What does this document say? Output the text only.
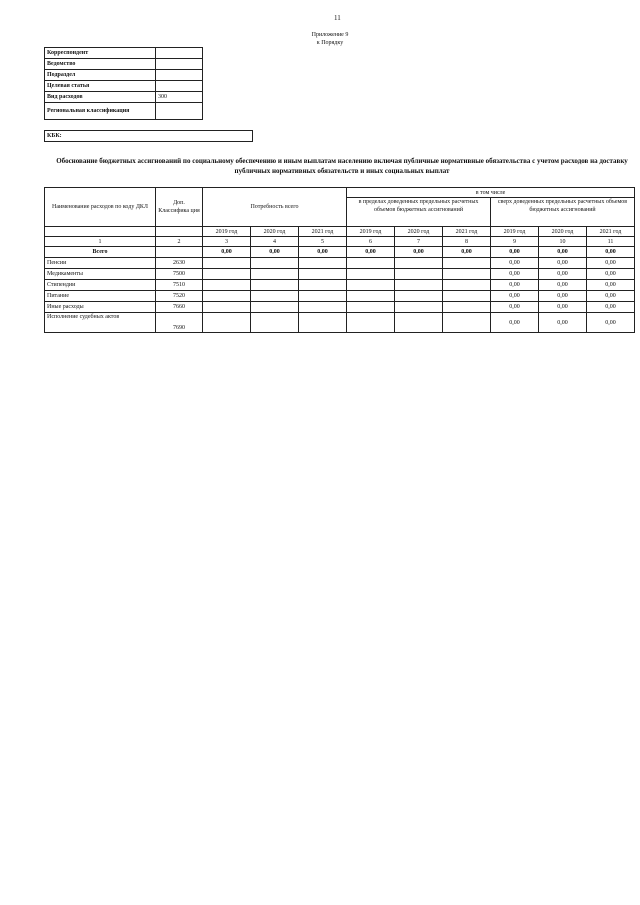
11
Приложение 9
к Порядку
Корреспондент	
Ведомство	
Подраздел	
Целевая статья	
Вид расходов	300
Региональная классификация	
КБК:
Обоснование бюджетных ассигнований по социальному обеспечению и иным выплатам населению включая публичные нормативные обязательства с учетом расходов на доставку публичных нормативных обязательств и иных социальных выплат
Наименование расходов по коду ДКЛ	Доп. Классифика ция	Потребность всего			в том числе					
					в пределах доведенных предельных расчетных объемов бюджетных ассигнований			сверх доведенных предельных расчетных объемов бюджетных ассигнований		

		2019 год	2020 год	2021 год	2019 год	2020 год	2021 год	2019 год	2020 год	2021 год
1	2	3	4	5	6	7	8	9	10	11
Всего		0,00	0,00	0,00	0,00	0,00	0,00	0,00	0,00	0,00
Пенсии	2630							0,00	0,00	0,00
Медикаменты	7500							0,00	0,00	0,00
Стипендии	7510							0,00	0,00	0,00
Питание	7520							0,00	0,00	0,00
Иные расходы	7660							0,00	0,00	0,00
Исполнение судебных актов	7690							0,00	0,00	0,00
